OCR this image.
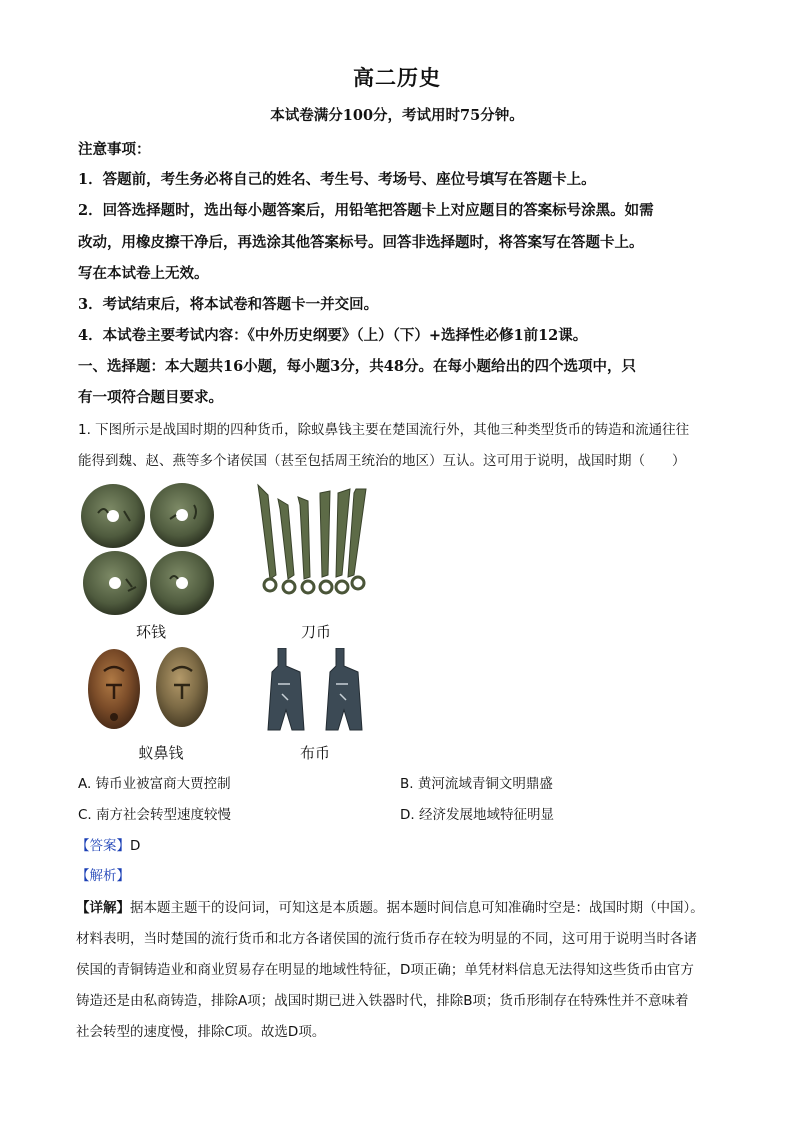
高二历史
本试卷满分100分，考试用时75分钟。
注意事项：
1．答题前，考生务必将自己的姓名、考生号、考场号、座位号填写在答题卡上。
2．回答选择题时，选出每小题答案后，用铅笔把答题卡上对应题目的答案标号涂黑。如需
改动，用橡皮擦干净后，再选涂其他答案标号。回答非选择题时，将答案写在答题卡上。
写在本试卷上无效。
3．考试结束后，将本试卷和答题卡一并交回。
4．本试卷主要考试内容：《中外历史纲要》（上）（下）+选择性必修1前12课。
一、选择题：本大题共16小题，每小题3分，共48分。在每小题给出的四个选项中，只
有一项符合题目要求。
1. 下图所示是战国时期的四种货币，除蚁鼻钱主要在楚国流行外，其他三种类型货币的铸造和流通往往
能得到魏、赵、燕等多个诸侯国（甚至包括周王统治的地区）互认。这可用于说明，战国时期（　　）
环钱	刀币
蚁鼻钱	布币
A. 铸币业被富商大贾控制	B. 黄河流域青铜文明鼎盛
C. 南方社会转型速度较慢	D. 经济发展地域特征明显
【答案】D
【解析】
【详解】据本题主题干的设问词，可知这是本质题。据本题时间信息可知准确时空是：战国时期（中国）。
材料表明，当时楚国的流行货币和北方各诸侯国的流行货币存在较为明显的不同，这可用于说明当时各诸
侯国的青铜铸造业和商业贸易存在明显的地域性特征，D项正确；单凭材料信息无法得知这些货币由官方
铸造还是由私商铸造，排除A项；战国时期已进入铁器时代，排除B项；货币形制存在特殊性并不意味着
社会转型的速度慢，排除C项。故选D项。
